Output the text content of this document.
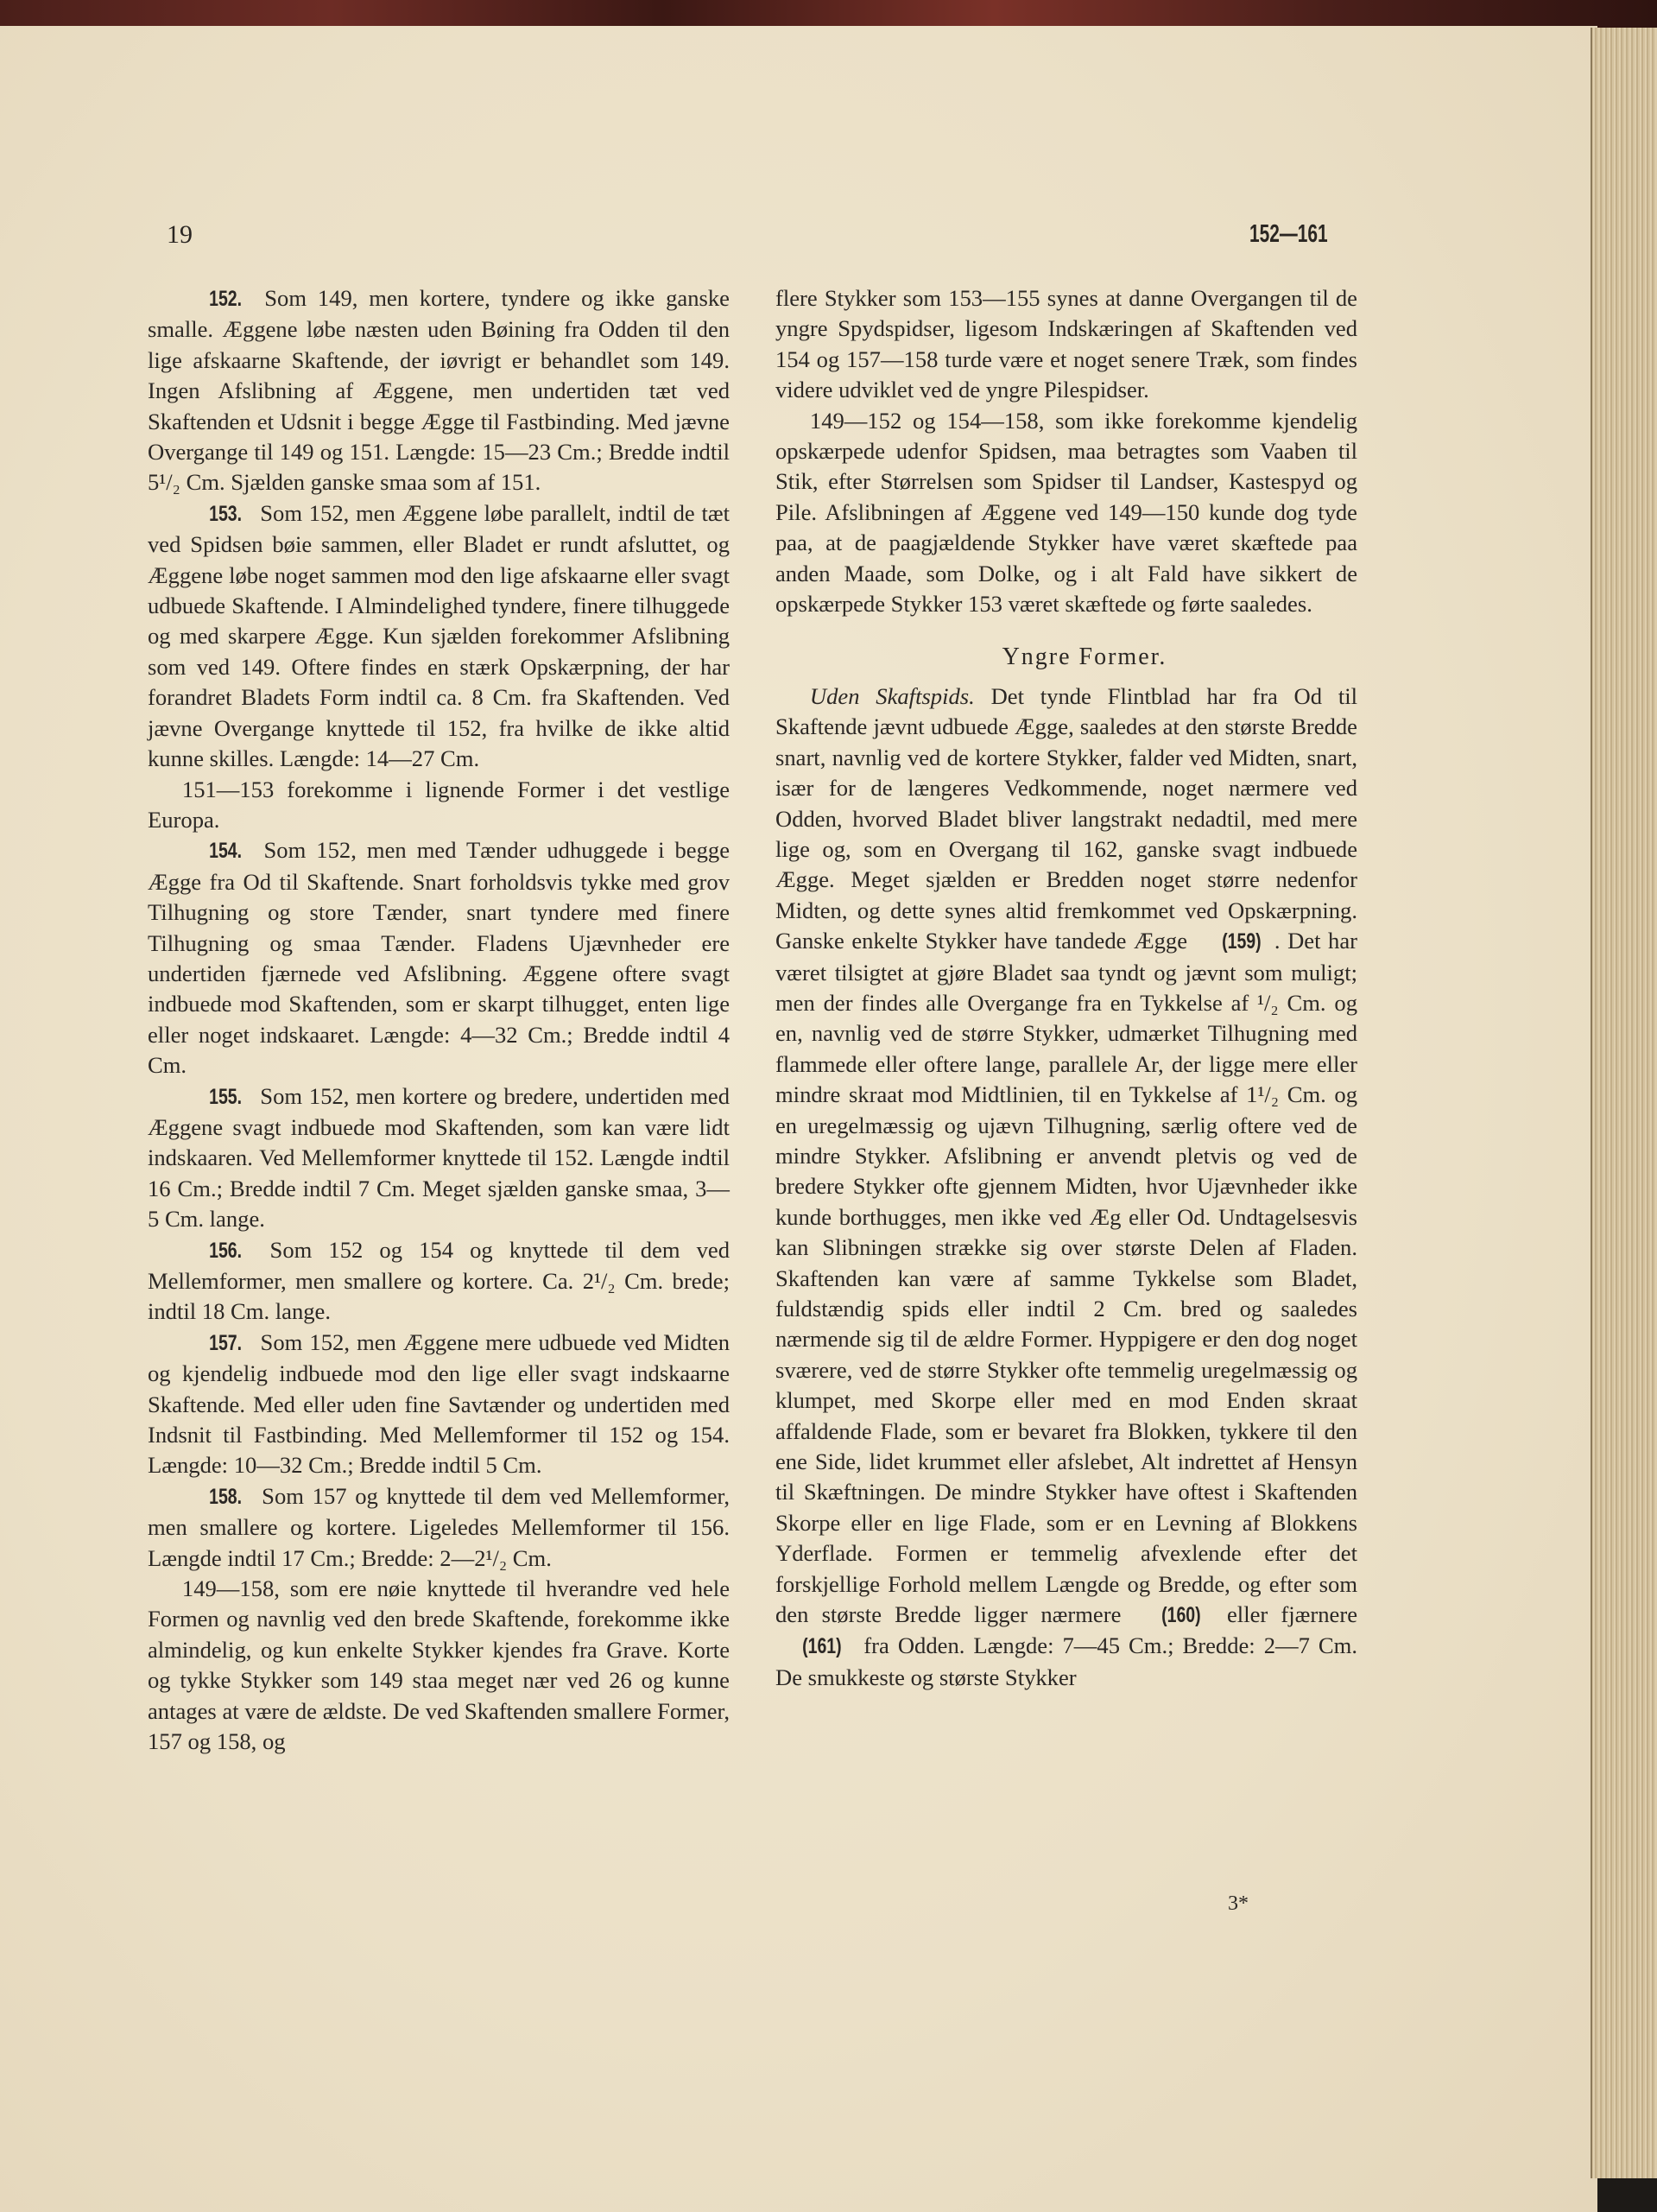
19	152—161

152. Som 149, men kortere, tyndere og ikke ganske smalle. Æggene løbe næsten uden Bøining fra Odden til den lige afskaarne Skaftende, der iøvrigt er behandlet som 149. Ingen Afslibning af Æggene, men undertiden tæt ved Skaftenden et Udsnit i begge Ægge til Fastbinding. Med jævne Overgange til 149 og 151. Længde: 15—23 Cm.; Bredde indtil 5¹/₂ Cm. Sjælden ganske smaa som af 151.

153. Som 152, men Æggene løbe parallelt, indtil de tæt ved Spidsen bøie sammen, eller Bladet er rundt afsluttet, og Æggene løbe noget sammen mod den lige afskaarne eller svagt udbuede Skaftende. I Almindelighed tyndere, finere tilhuggede og med skarpere Ægge. Kun sjælden forekommer Afslibning som ved 149. Oftere findes en stærk Opskærpning, der har forandret Bladets Form indtil ca. 8 Cm. fra Skaftenden. Ved jævne Overgange knyttede til 152, fra hvilke de ikke altid kunne skilles. Længde: 14—27 Cm.

151—153 forekomme i lignende Former i det vestlige Europa.

154. Som 152, men med Tænder udhuggede i begge Ægge fra Od til Skaftende. Snart forholdsvis tykke med grov Tilhugning og store Tænder, snart tyndere med finere Tilhugning og smaa Tænder. Fladens Ujævnheder ere undertiden fjærnede ved Afslibning. Æggene oftere svagt indbuede mod Skaftenden, som er skarpt tilhugget, enten lige eller noget indskaaret. Længde: 4—32 Cm.; Bredde indtil 4 Cm.

155. Som 152, men kortere og bredere, undertiden med Æggene svagt indbuede mod Skaftenden, som kan være lidt indskaaren. Ved Mellemformer knyttede til 152. Længde indtil 16 Cm.; Bredde indtil 7 Cm. Meget sjælden ganske smaa, 3—5 Cm. lange.

156. Som 152 og 154 og knyttede til dem ved Mellemformer, men smallere og kortere. Ca. 2¹/₂ Cm. brede; indtil 18 Cm. lange.

157. Som 152, men Æggene mere udbuede ved Midten og kjendelig indbuede mod den lige eller svagt indskaarne Skaftende. Med eller uden fine Savtænder og undertiden med Indsnit til Fastbinding. Med Mellemformer til 152 og 154. Længde: 10—32 Cm.; Bredde indtil 5 Cm.

158. Som 157 og knyttede til dem ved Mellemformer, men smallere og kortere. Ligeledes Mellemformer til 156. Længde indtil 17 Cm.; Bredde: 2—2¹/₂ Cm.

149—158, som ere nøie knyttede til hverandre ved hele Formen og navnlig ved den brede Skaftende, forekomme ikke almindelig, og kun enkelte Stykker kjendes fra Grave. Korte og tykke Stykker som 149 staa meget nær ved 26 og kunne antages at være de ældste. De ved Skaftenden smallere Former, 157 og 158, og

flere Stykker som 153—155 synes at danne Overgangen til de yngre Spydspidser, ligesom Indskæringen af Skaftenden ved 154 og 157—158 turde være et noget senere Træk, som findes videre udviklet ved de yngre Pilespidser.

149—152 og 154—158, som ikke forekomme kjendelig opskærpede udenfor Spidsen, maa betragtes som Vaaben til Stik, efter Størrelsen som Spidser til Landser, Kastespyd og Pile. Afslibningen af Æggene ved 149—150 kunde dog tyde paa, at de paagjældende Stykker have været skæftede paa anden Maade, som Dolke, og i alt Fald have sikkert de opskærpede Stykker 153 været skæftede og førte saaledes.

Yngre Former.

Uden Skaftspids. Det tynde Flintblad har fra Od til Skaftende jævnt udbuede Ægge, saaledes at den største Bredde snart, navnlig ved de kortere Stykker, falder ved Midten, snart, især for de længeres Vedkommende, noget nærmere ved Odden, hvorved Bladet bliver langstrakt nedadtil, med mere lige og, som en Overgang til 162, ganske svagt indbuede Ægge. Meget sjælden er Bredden noget større nedenfor Midten, og dette synes altid fremkommet ved Opskærpning. Ganske enkelte Stykker have tandede Ægge (159) . Det har været tilsigtet at gjøre Bladet saa tyndt og jævnt som muligt; men der findes alle Overgange fra en Tykkelse af ¹/₂ Cm. og en, navnlig ved de større Stykker, udmærket Tilhugning med flammede eller oftere lange, parallele Ar, der ligge mere eller mindre skraat mod Midtlinien, til en Tykkelse af 1¹/₂ Cm. og en uregelmæssig og ujævn Tilhugning, særlig oftere ved de mindre Stykker. Afslibning er anvendt pletvis og ved de bredere Stykker ofte gjennem Midten, hvor Ujævnheder ikke kunde borthugges, men ikke ved Æg eller Od. Undtagelsesvis kan Slibningen strække sig over største Delen af Fladen. Skaftenden kan være af samme Tykkelse som Bladet, fuldstændig spids eller indtil 2 Cm. bred og saaledes nærmende sig til de ældre Former. Hyppigere er den dog noget sværere, ved de større Stykker ofte temmelig uregelmæssig og klumpet, med Skorpe eller med en mod Enden skraat affaldende Flade, som er bevaret fra Blokken, tykkere til den ene Side, lidet krummet eller afslebet, Alt indrettet af Hensyn til Skæftningen. De mindre Stykker have oftest i Skaftenden Skorpe eller en lige Flade, som er en Levning af Blokkens Yderflade. Formen er temmelig afvexlende efter det forskjellige Forhold mellem Længde og Bredde, og efter som den største Bredde ligger nærmere (160) eller fjærnere (161) fra Odden. Længde: 7—45 Cm.; Bredde: 2—7 Cm. De smukkeste og største Stykker

3*
